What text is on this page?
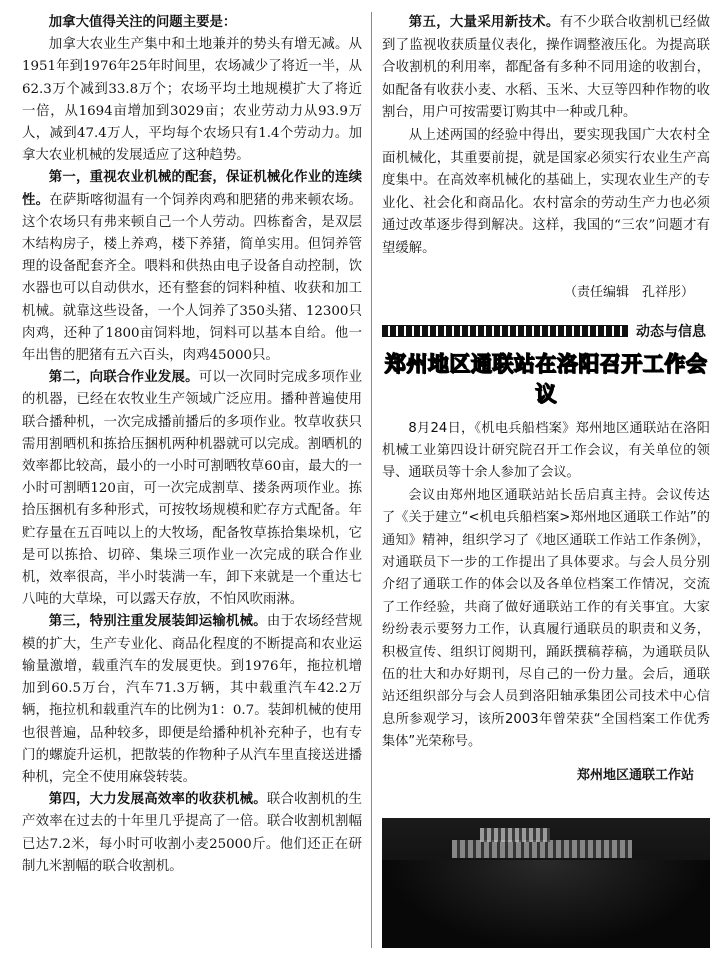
加拿大值得关注的问题主要是：

加拿大农业生产集中和土地兼并的势头有增无减。从1951年到1976年25年时间里，农场减少了将近一半，从62.3万个减到33.8万个；农场平均土地规模扩大了将近一倍，从1694亩增加到3029亩；农业劳动力从93.9万人，减到47.4万人，平均每个农场只有1.4个劳动力。加拿大农业机械的发展适应了这种趋势。

第一，重视农业机械的配套，保证机械化作业的连续性。在萨斯喀彻温有一个饲养肉鸡和肥猪的弗来顿农场。这个农场只有弗来顿自己一个人劳动。四栋畜舍，是双层木结构房子，楼上养鸡，楼下养猪，简单实用。但饲养管理的设备配套齐全。喂料和供热由电子设备自动控制，饮水器也可以自动供水，还有整套的饲料种植、收获和加工机械。就靠这些设备，一个人饲养了350头猪、12300只肉鸡，还种了1800亩饲料地，饲料可以基本自给。他一年出售的肥猪有五六百头，肉鸡45000只。

第二，向联合作业发展。可以一次同时完成多项作业的机器，已经在农牧业生产领域广泛应用。播种普遍使用联合播种机，一次完成播前播后的多项作业。牧草收获只需用割晒机和拣拾压捆机两种机器就可以完成。割晒机的效率都比较高，最小的一小时可割晒牧草60亩，最大的一小时可割晒120亩，可一次完成割草、搂条两项作业。拣拾压捆机有多种形式，可按牧场规模和贮存方式配备。年贮存量在五百吨以上的大牧场，配备牧草拣拾集垛机，它是可以拣拾、切碎、集垛三项作业一次完成的联合作业机，效率很高，半小时装满一车，卸下来就是一个重达七八吨的大草垛，可以露天存放，不怕风吹雨淋。

第三，特别注重发展装卸运输机械。由于农场经营规模的扩大，生产专业化、商品化程度的不断提高和农业运输量激增，载重汽车的发展更快。到1976年，拖拉机增加到60.5万台，汽车71.3万辆，其中载重汽车42.2万辆，拖拉机和载重汽车的比例为1：0.7。装卸机械的使用也很普遍，品种较多，即便是给播种机补充种子，也有专门的螺旋升运机，把散装的作物种子从汽车里直接送进播种机，完全不使用麻袋转装。

第四，大力发展高效率的收获机械。联合收割机的生产效率在过去的十年里几乎提高了一倍。联合收割机割幅已达7.2米，每小时可收割小麦25000斤。他们还正在研制九米割幅的联合收割机。

第五，大量采用新技术。有不少联合收割机已经做到了监视收获质量仪表化，操作调整液压化。为提高联合收割机的利用率，都配备有多种不同用途的收割台，如配备有收获小麦、水稻、玉米、大豆等四种作物的收割台，用户可按需要订购其中一种或几种。

从上述两国的经验中得出，要实现我国广大农村全面机械化，其重要前提，就是国家必须实行农业生产高度集中。在高效率机械化的基础上，实现农业生产的专业化、社会化和商品化。农村富余的劳动生产力也必须通过改革逐步得到解决。这样，我国的“三农”问题才有望缓解。

（责任编辑　孔祥彤）
动态与信息
郑州地区通联站在洛阳召开工作会议

8月24日，《机电兵船档案》郑州地区通联站在洛阳机械工业第四设计研究院召开工作会议，有关单位的领导、通联员等十余人参加了会议。

会议由郑州地区通联站站长岳启真主持。会议传达了《关于建立“<机电兵船档案>郑州地区通联工作站”的通知》精神，组织学习了《地区通联工作站工作条例》，对通联员下一步的工作提出了具体要求。与会人员分别介绍了通联工作的体会以及各单位档案工作情况，交流了工作经验，共商了做好通联站工作的有关事宜。大家纷纷表示要努力工作，认真履行通联员的职责和义务，积极宣传、组织订阅期刊，踊跃撰稿荐稿，为通联员队伍的壮大和办好期刊，尽自己的一份力量。会后，通联站还组织部分与会人员到洛阳轴承集团公司技术中心信息所参观学习，该所2003年曾荣获“全国档案工作优秀集体”光荣称号。

郑州地区通联工作站
